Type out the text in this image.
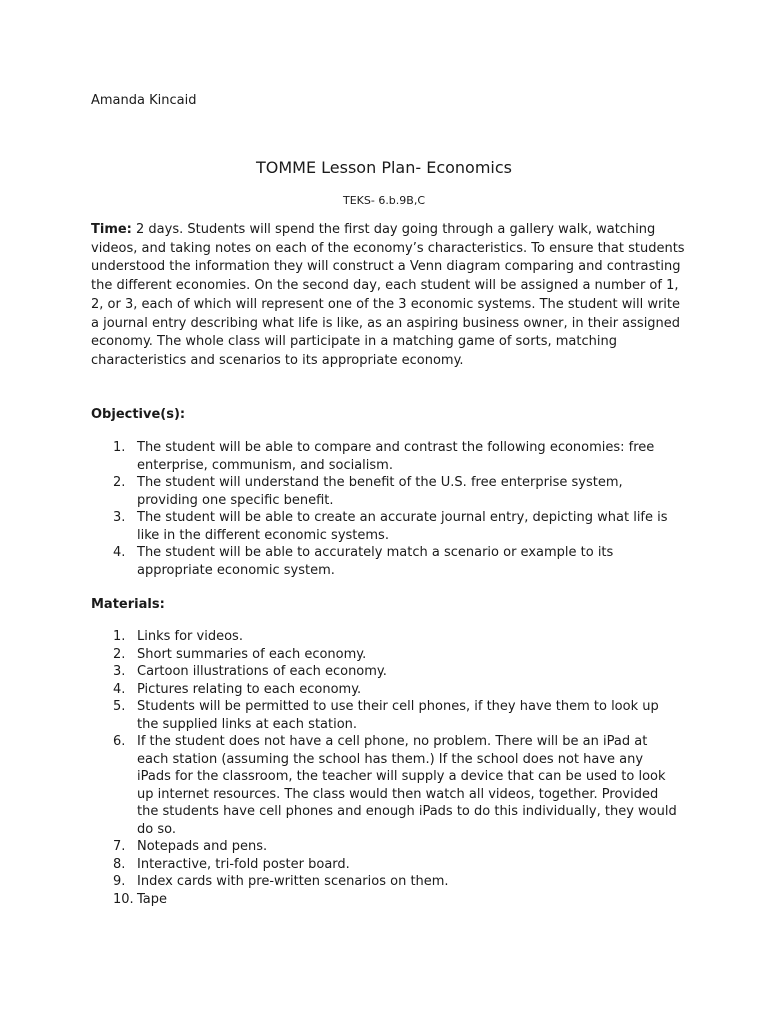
Amanda Kincaid
TOMME Lesson Plan- Economics
TEKS- 6.b.9B,C

Time: 2 days. Students will spend the first day going through a gallery walk, watching videos, and taking notes on each of the economy’s characteristics. To ensure that students understood the information they will construct a Venn diagram comparing and contrasting the different economies. On the second day, each student will be assigned a number of 1, 2, or 3, each of which will represent one of the 3 economic systems. The student will write a journal entry describing what life is like, as an aspiring business owner, in their assigned economy. The whole class will participate in a matching game of sorts, matching characteristics and scenarios to its appropriate economy.

Objective(s):
1. The student will be able to compare and contrast the following economies: free enterprise, communism, and socialism.
2. The student will understand the benefit of the U.S. free enterprise system, providing one specific benefit.
3. The student will be able to create an accurate journal entry, depicting what life is like in the different economic systems.
4. The student will be able to accurately match a scenario or example to its appropriate economic system.
Materials:
1. Links for videos.
2. Short summaries of each economy.
3. Cartoon illustrations of each economy.
4. Pictures relating to each economy.
5. Students will be permitted to use their cell phones, if they have them to look up the supplied links at each station.
6. If the student does not have a cell phone, no problem. There will be an iPad at each station (assuming the school has them.) If the school does not have any iPads for the classroom, the teacher will supply a device that can be used to look up internet resources. The class would then watch all videos, together. Provided the students have cell phones and enough iPads to do this individually, they would do so.
7. Notepads and pens.
8. Interactive, tri-fold poster board.
9. Index cards with pre-written scenarios on them.
10. Tape
